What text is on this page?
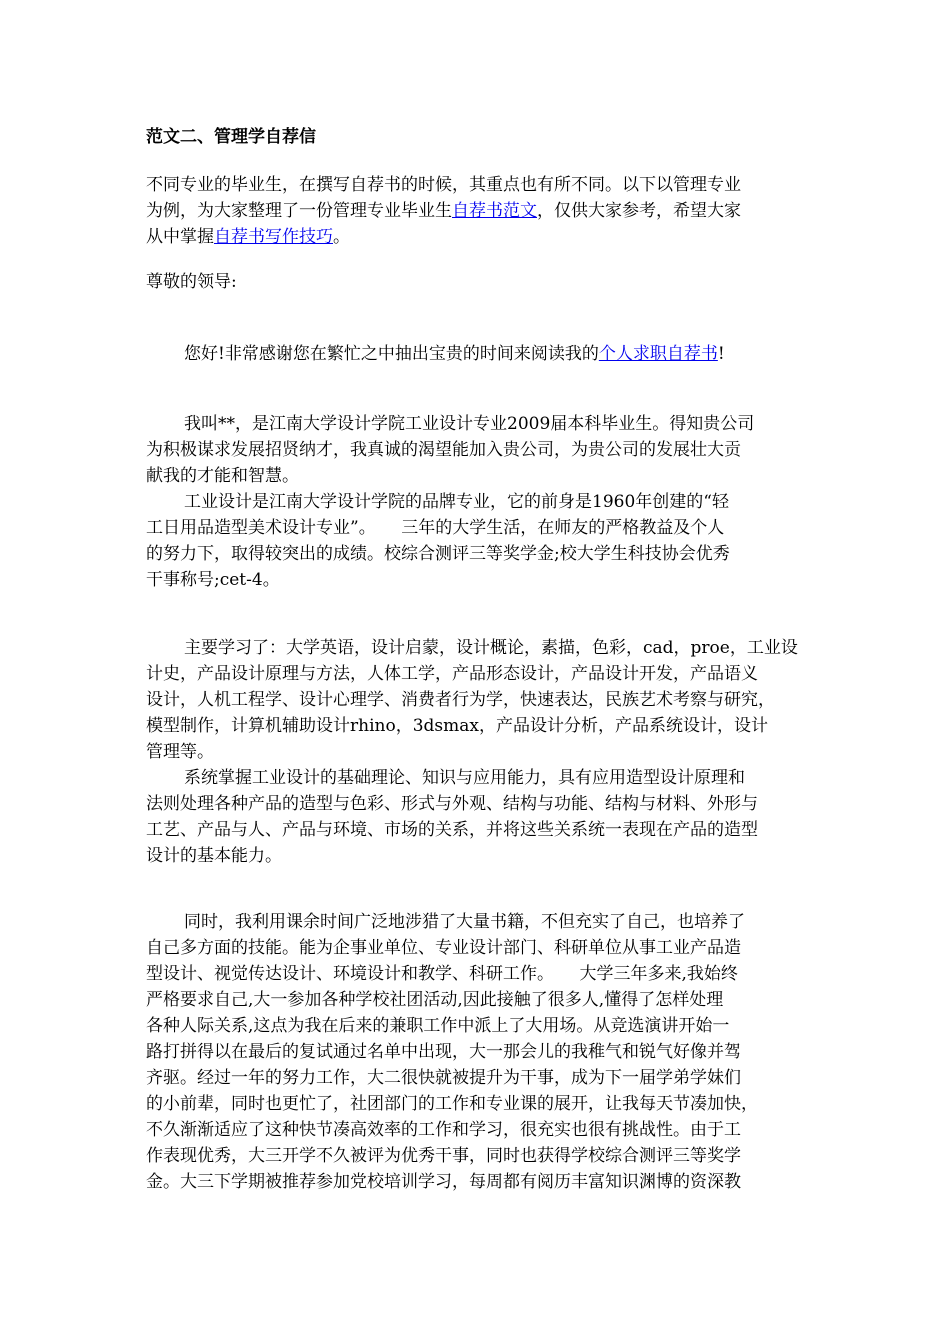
范文二、管理学自荐信
不同专业的毕业生，在撰写自荐书的时候，其重点也有所不同。以下以管理专业
为例，为大家整理了一份管理专业毕业生自荐书范文，仅供大家参考，希望大家
从中掌握自荐书写作技巧。
尊敬的领导:
您好!非常感谢您在繁忙之中抽出宝贵的时间来阅读我的个人求职自荐书!
我叫**，是江南大学设计学院工业设计专业2009届本科毕业生。得知贵公司
为积极谋求发展招贤纳才，我真诚的渴望能加入贵公司，为贵公司的发展壮大贡
献我的才能和智慧。
工业设计是江南大学设计学院的品牌专业，它的前身是1960年创建的“轻
工日用品造型美术设计专业”。　　三年的大学生活，在师友的严格教益及个人
的努力下，取得较突出的成绩。校综合测评三等奖学金;校大学生科技协会优秀
干事称号;cet-4。
主要学习了：大学英语，设计启蒙，设计概论，素描，色彩，cad，proe，工业设
计史，产品设计原理与方法，人体工学，产品形态设计，产品设计开发，产品语义
设计，人机工程学、设计心理学、消费者行为学，快速表达，民族艺术考察与研究，
模型制作，计算机辅助设计rhino，3dsmax，产品设计分析，产品系统设计，设计
管理等。
系统掌握工业设计的基础理论、知识与应用能力，具有应用造型设计原理和
法则处理各种产品的造型与色彩、形式与外观、结构与功能、结构与材料、外形与
工艺、产品与人、产品与环境、市场的关系，并将这些关系统一表现在产品的造型
设计的基本能力。
同时，我利用课余时间广泛地涉猎了大量书籍，不但充实了自己，也培养了
自己多方面的技能。能为企事业单位、专业设计部门、科研单位从事工业产品造
型设计、视觉传达设计、环境设计和教学、科研工作。　　大学三年多来,我始终
严格要求自己,大一参加各种学校社团活动,因此接触了很多人,懂得了怎样处理
各种人际关系,这点为我在后来的兼职工作中派上了大用场。从竞选演讲开始一
路打拼得以在最后的复试通过名单中出现，大一那会儿的我稚气和锐气好像并驾
齐驱。经过一年的努力工作，大二很快就被提升为干事，成为下一届学弟学妹们
的小前辈，同时也更忙了，社团部门的工作和专业课的展开，让我每天节凑加快，
不久渐渐适应了这种快节凑高效率的工作和学习，很充实也很有挑战性。由于工
作表现优秀，大三开学不久被评为优秀干事，同时也获得学校综合测评三等奖学
金。大三下学期被推荐参加党校培训学习，每周都有阅历丰富知识渊博的资深教
